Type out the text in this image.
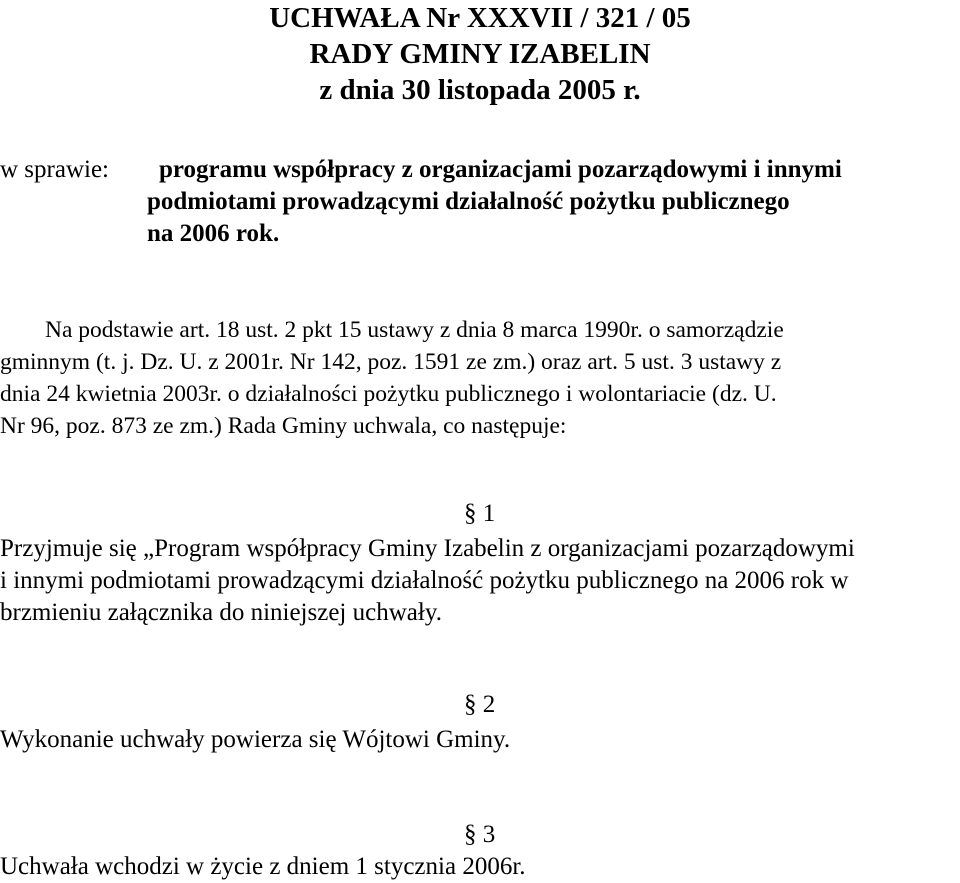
UCHWAŁA Nr XXXVII / 321 / 05
RADY GMINY IZABELIN
z dnia 30 listopada 2005 r.
w sprawie:	programu współpracy z organizacjami pozarządowymi i innymi
podmiotami prowadzącymi działalność pożytku publicznego
na 2006 rok.
Na podstawie art. 18 ust. 2 pkt 15 ustawy z dnia 8 marca 1990r. o samorządzie
gminnym (t. j. Dz. U. z 2001r. Nr 142, poz. 1591 ze zm.) oraz art. 5 ust. 3 ustawy z
dnia 24 kwietnia 2003r. o działalności pożytku publicznego i wolontariacie (dz. U.
Nr 96, poz. 873 ze zm.) Rada Gminy uchwala, co następuje:
§ 1
Przyjmuje się „Program współpracy Gminy Izabelin z organizacjami pozarządowymi
i innymi podmiotami prowadzącymi działalność pożytku publicznego na 2006 rok w
brzmieniu załącznika do niniejszej uchwały.
§ 2
Wykonanie uchwały powierza się Wójtowi Gminy.
§ 3
Uchwała wchodzi w życie z dniem 1 stycznia 2006r.
